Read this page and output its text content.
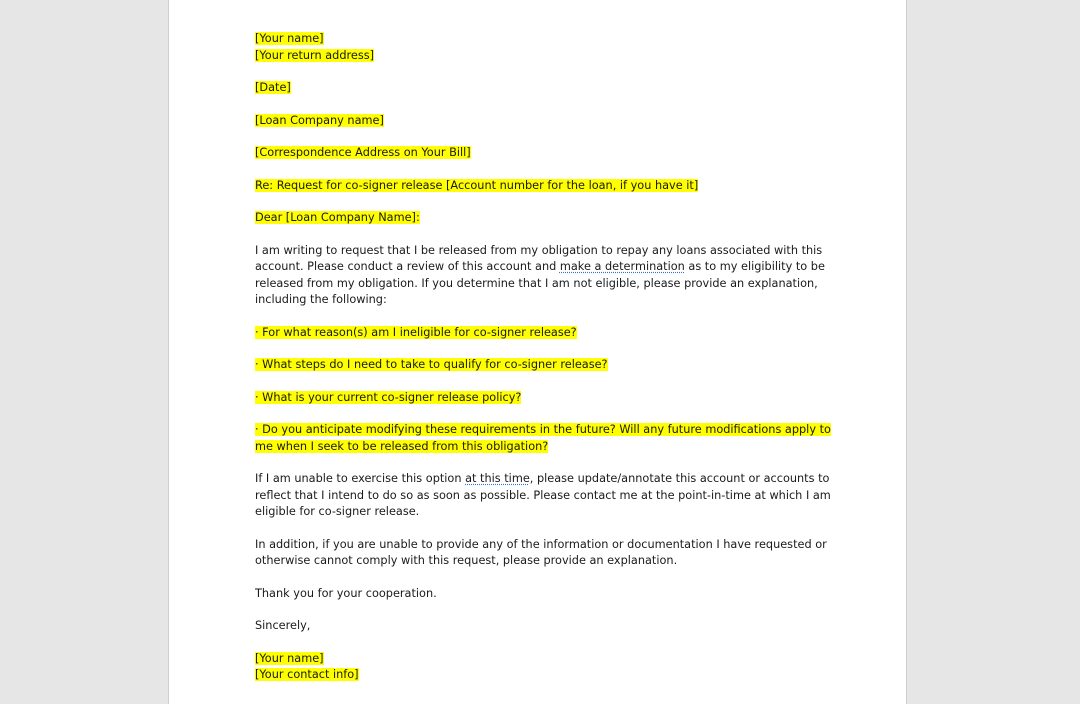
[Your name]
[Your return address]
[Date]
[Loan Company name]
[Correspondence Address on Your Bill]
Re: Request for co-signer release [Account number for the loan, if you have it]
Dear [Loan Company Name]:
I am writing to request that I be released from my obligation to repay any loans associated with this
account. Please conduct a review of this account and make a determination as to my eligibility to be
released from my obligation. If you determine that I am not eligible, please provide an explanation,
including the following:
· For what reason(s) am I ineligible for co-signer release?
· What steps do I need to take to qualify for co-signer release?
· What is your current co-signer release policy?
· Do you anticipate modifying these requirements in the future? Will any future modifications apply to
me when I seek to be released from this obligation?
If I am unable to exercise this option at this time, please update/annotate this account or accounts to
reflect that I intend to do so as soon as possible. Please contact me at the point-in-time at which I am
eligible for co-signer release.
In addition, if you are unable to provide any of the information or documentation I have requested or
otherwise cannot comply with this request, please provide an explanation.
Thank you for your cooperation.
Sincerely,
[Your name]
[Your contact info]
